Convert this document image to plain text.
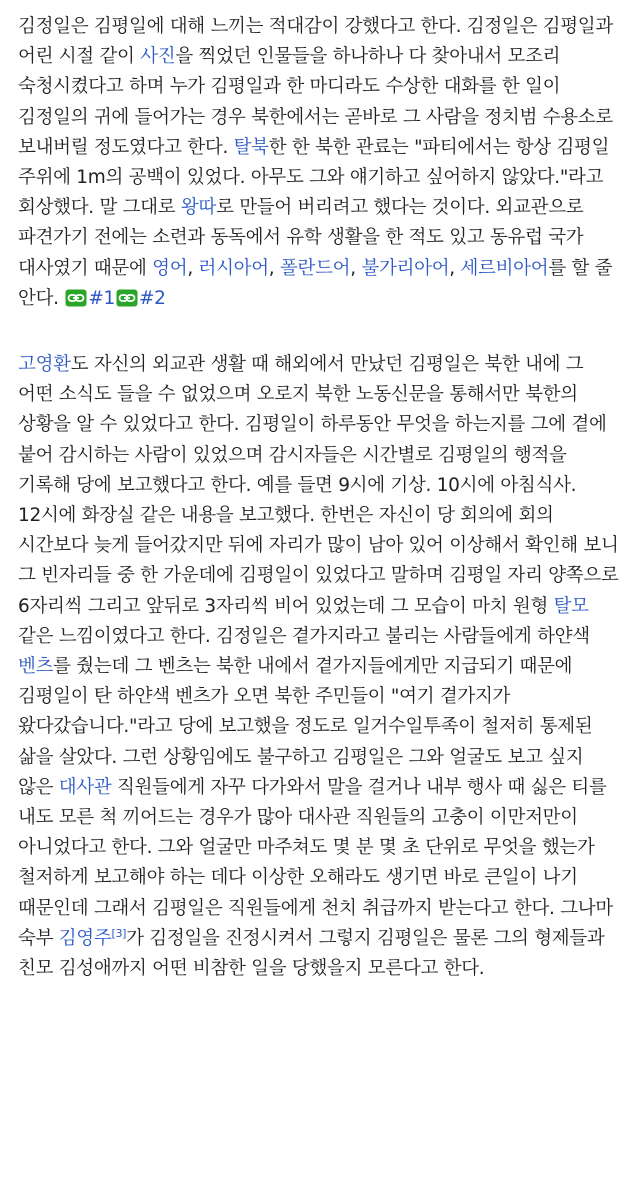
김정일은 김평일에 대해 느끼는 적대감이 강했다고 한다. 김정일은 김평일과 어린 시절 같이 사진을 찍었던 인물들을 하나하나 다 찾아내서 모조리 숙청시켰다고 하며 누가 김평일과 한 마디라도 수상한 대화를 한 일이 김정일의 귀에 들어가는 경우 북한에서는 곧바로 그 사람을 정치범 수용소로 보내버릴 정도였다고 한다. 탈북한 한 북한 관료는 "파티에서는 항상 김평일 주위에 1m의 공백이 있었다. 아무도 그와 얘기하고 싶어하지 않았다."라고 회상했다. 말 그대로 왕따로 만들어 버리려고 했다는 것이다. 외교관으로 파견가기 전에는 소련과 동독에서 유학 생활을 한 적도 있고 동유럽 국가 대사였기 때문에 영어, 러시아어, 폴란드어, 불가리아어, 세르비아어를 할 줄 안다. #1 #2

고영환도 자신의 외교관 생활 때 해외에서 만났던 김평일은 북한 내에 그 어떤 소식도 들을 수 없었으며 오로지 북한 노동신문을 통해서만 북한의 상황을 알 수 있었다고 한다. 김평일이 하루동안 무엇을 하는지를 그에 곁에 붙어 감시하는 사람이 있었으며 감시자들은 시간별로 김평일의 행적을 기록해 당에 보고했다고 한다. 예를 들면 9시에 기상. 10시에 아침식사. 12시에 화장실 같은 내용을 보고했다. 한번은 자신이 당 회의에 회의 시간보다 늦게 들어갔지만 뒤에 자리가 많이 남아 있어 이상해서 확인해 보니 그 빈자리들 중 한 가운데에 김평일이 있었다고 말하며 김평일 자리 양쪽으로 6자리씩 그리고 앞뒤로 3자리씩 비어 있었는데 그 모습이 마치 원형 탈모 같은 느낌이였다고 한다. 김정일은 곁가지라고 불리는 사람들에게 하얀색 벤츠를 줬는데 그 벤츠는 북한 내에서 곁가지들에게만 지급되기 때문에 김평일이 탄 하얀색 벤츠가 오면 북한 주민들이 "여기 곁가지가 왔다갔습니다."라고 당에 보고했을 정도로 일거수일투족이 철저히 통제된 삶을 살았다. 그런 상황임에도 불구하고 김평일은 그와 얼굴도 보고 싶지 않은 대사관 직원들에게 자꾸 다가와서 말을 걸거나 내부 행사 때 싫은 티를 내도 모른 척 끼어드는 경우가 많아 대사관 직원들의 고충이 이만저만이 아니었다고 한다. 그와 얼굴만 마주쳐도 몇 분 몇 초 단위로 무엇을 했는가 철저하게 보고해야 하는 데다 이상한 오해라도 생기면 바로 큰일이 나기 때문인데 그래서 김평일은 직원들에게 천치 취급까지 받는다고 한다. 그나마 숙부 김영주[3]가 김정일을 진정시켜서 그렇지 김평일은 물론 그의 형제들과 친모 김성애까지 어떤 비참한 일을 당했을지 모른다고 한다.
